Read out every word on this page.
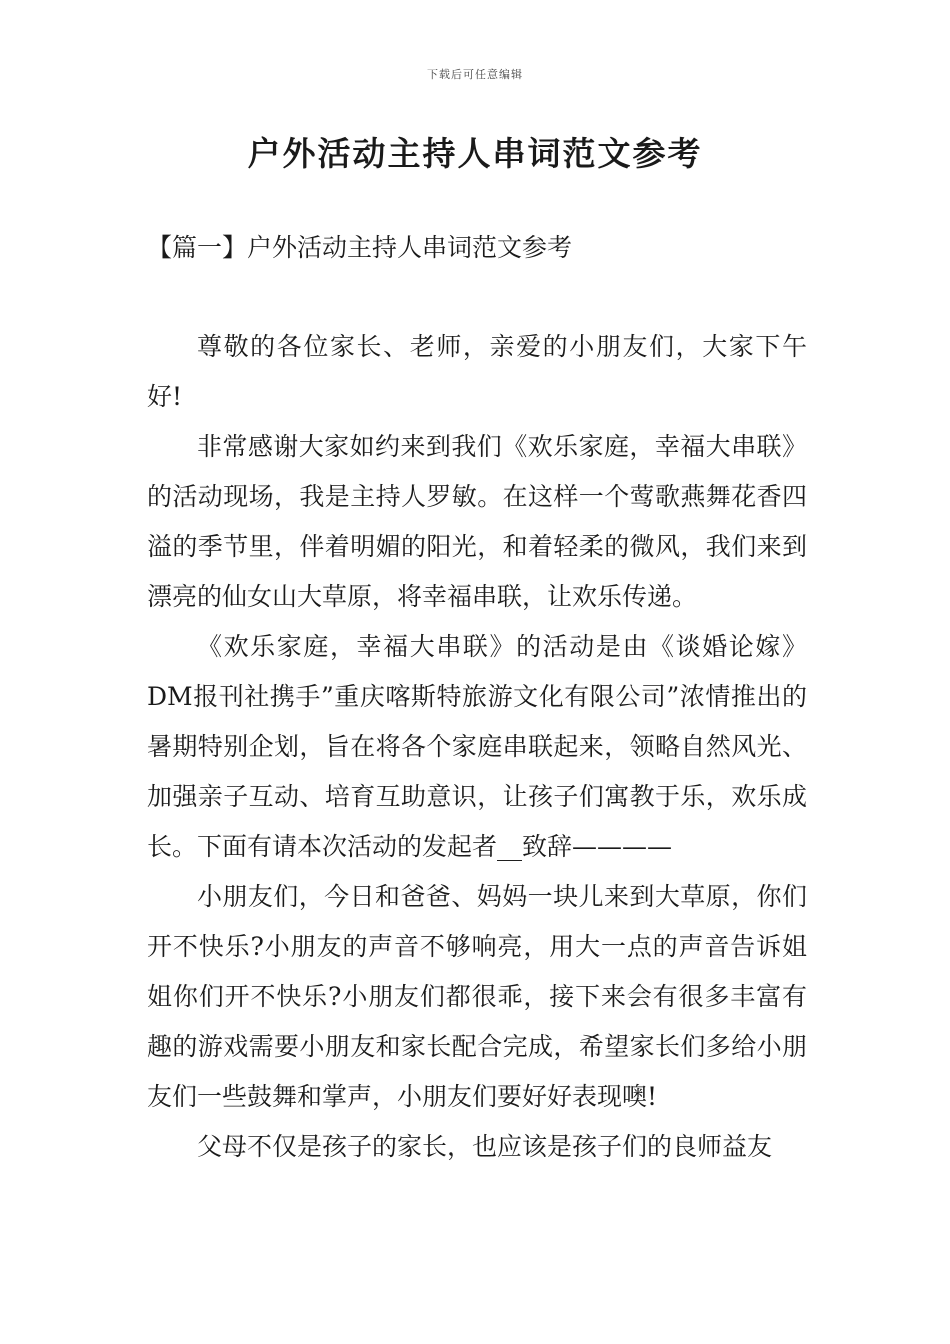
下载后可任意编辑
户外活动主持人串词范文参考
【篇一】户外活动主持人串词范文参考

尊敬的各位家长、老师，亲爱的小朋友们，大家下午好!

非常感谢大家如约来到我们《欢乐家庭，幸福大串联》的活动现场，我是主持人罗敏。在这样一个莺歌燕舞花香四溢的季节里，伴着明媚的阳光，和着轻柔的微风，我们来到漂亮的仙女山大草原，将幸福串联，让欢乐传递。

《欢乐家庭，幸福大串联》的活动是由《谈婚论嫁》DM报刊社携手”重庆喀斯特旅游文化有限公司”浓情推出的暑期特别企划，旨在将各个家庭串联起来，领略自然风光、加强亲子互动、培育互助意识，让孩子们寓教于乐，欢乐成长。下面有请本次活动的发起者__致辞————

小朋友们，今日和爸爸、妈妈一块儿来到大草原，你们开不快乐?小朋友的声音不够响亮，用大一点的声音告诉姐姐你们开不快乐?小朋友们都很乖，接下来会有很多丰富有趣的游戏需要小朋友和家长配合完成，希望家长们多给小朋友们一些鼓舞和掌声，小朋友们要好好表现噢!

父母不仅是孩子的家长，也应该是孩子们的良师益友
